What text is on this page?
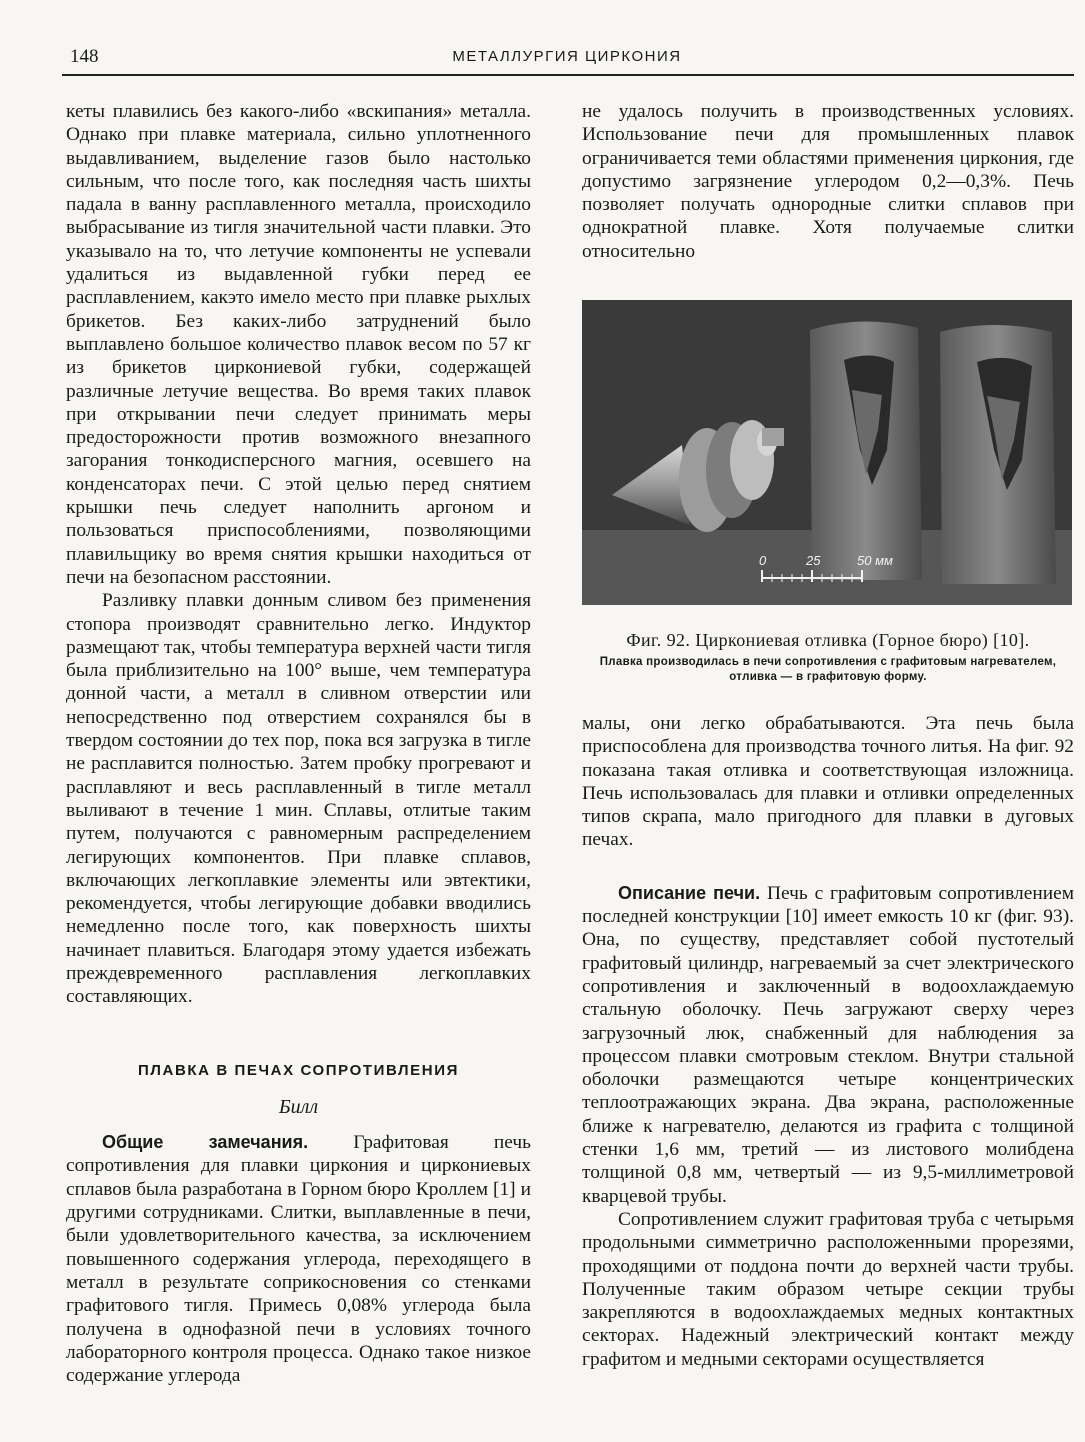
148	МЕТАЛЛУРГИЯ ЦИРКОНИЯ

кеты плавились без какого-либо «вскипания» металла. Однако при плавке материала, сильно уплотненного выдавливанием, выделение газов было настолько сильным, что после того, как последняя часть шихты падала в ванну расплавленного металла, происходило выбрасывание из тигля значительной части плавки. Это указывало на то, что летучие компоненты не успевали удалиться из выдавленной губки перед ее расплавлением, какэто имело место при плавке рыхлых брикетов. Без каких-либо затруднений было выплавлено большое количество плавок весом по 57 кг из брикетов циркониевой губки, содержащей различные летучие вещества. Во время таких плавок при открывании печи следует принимать меры предосторожности против возможного внезапного загорания тонкодисперсного магния, осевшего на конденсаторах печи. С этой целью перед снятием крышки печь следует наполнить аргоном и пользоваться приспособлениями, позволяющими плавильщику во время снятия крышки находиться от печи на безопасном расстоянии.

Разливку плавки донным сливом без применения стопора производят сравнительно легко. Индуктор размещают так, чтобы температура верхней части тигля была приблизительно на 100° выше, чем температура донной части, а металл в сливном отверстии или непосредственно под отверстием сохранялся бы в твердом состоянии до тех пор, пока вся загрузка в тигле не расплавится полностью. Затем пробку прогревают и расплавляют и весь расплавленный в тигле металл выливают в течение 1 мин. Сплавы, отлитые таким путем, получаются с равномерным распределением легирующих компонентов. При плавке сплавов, включающих легкоплавкие элементы или эвтектики, рекомендуется, чтобы легирующие добавки вводились немедленно после того, как поверхность шихты начинает плавиться. Благодаря этому удается избежать преждевременного расплавления легкоплавких составляющих.

ПЛАВКА В ПЕЧАХ СОПРОТИВЛЕНИЯ
Билл

Общие замечания. Графитовая печь сопротивления для плавки циркония и циркониевых сплавов была разработана в Горном бюро Кроллем [1] и другими сотрудниками. Слитки, выплавленные в печи, были удовлетворительного качества, за исключением повышенного содержания углерода, переходящего в металл в результате соприкосновения со стенками графитового тигля. Примесь 0,08% углерода была получена в однофазной печи в условиях точного лабораторного контроля процесса. Однако такое низкое содержание углерода

не удалось получить в производственных условиях. Использование печи для промышленных плавок ограничивается теми областями применения циркония, где допустимо загрязнение углеродом 0,2—0,3%. Печь позволяет получать однородные слитки сплавов при однократной плавке. Хотя получаемые слитки относительно

0	25	50 мм
Фиг. 92. Циркониевая отливка (Горное бюро) [10].
Плавка производилась в печи сопротивления с графитовым нагревателем, отливка — в графитовую форму.

малы, они легко обрабатываются. Эта печь была приспособлена для производства точного литья. На фиг. 92 показана такая отливка и соответствующая изложница. Печь использовалась для плавки и отливки определенных типов скрапа, мало пригодного для плавки в дуговых печах.

Описание печи. Печь с графитовым сопротивлением последней конструкции [10] имеет емкость 10 кг (фиг. 93). Она, по существу, представляет собой пустотелый графитовый цилиндр, нагреваемый за счет электрического сопротивления и заключенный в водоохлаждаемую стальную оболочку. Печь загружают сверху через загрузочный люк, снабженный для наблюдения за процессом плавки смотровым стеклом. Внутри стальной оболочки размещаются четыре концентрических теплоотражающих экрана. Два экрана, расположенные ближе к нагревателю, делаются из графита с толщиной стенки 1,6 мм, третий — из листового молибдена толщиной 0,8 мм, четвертый — из 9,5-миллиметровой кварцевой трубы.

Сопротивлением служит графитовая труба с четырьмя продольными симметрично расположенными прорезями, проходящими от поддона почти до верхней части трубы. Полученные таким образом четыре секции трубы закрепляются в водоохлаждаемых медных контактных секторах. Надежный электрический контакт между графитом и медными секторами осуществляется
